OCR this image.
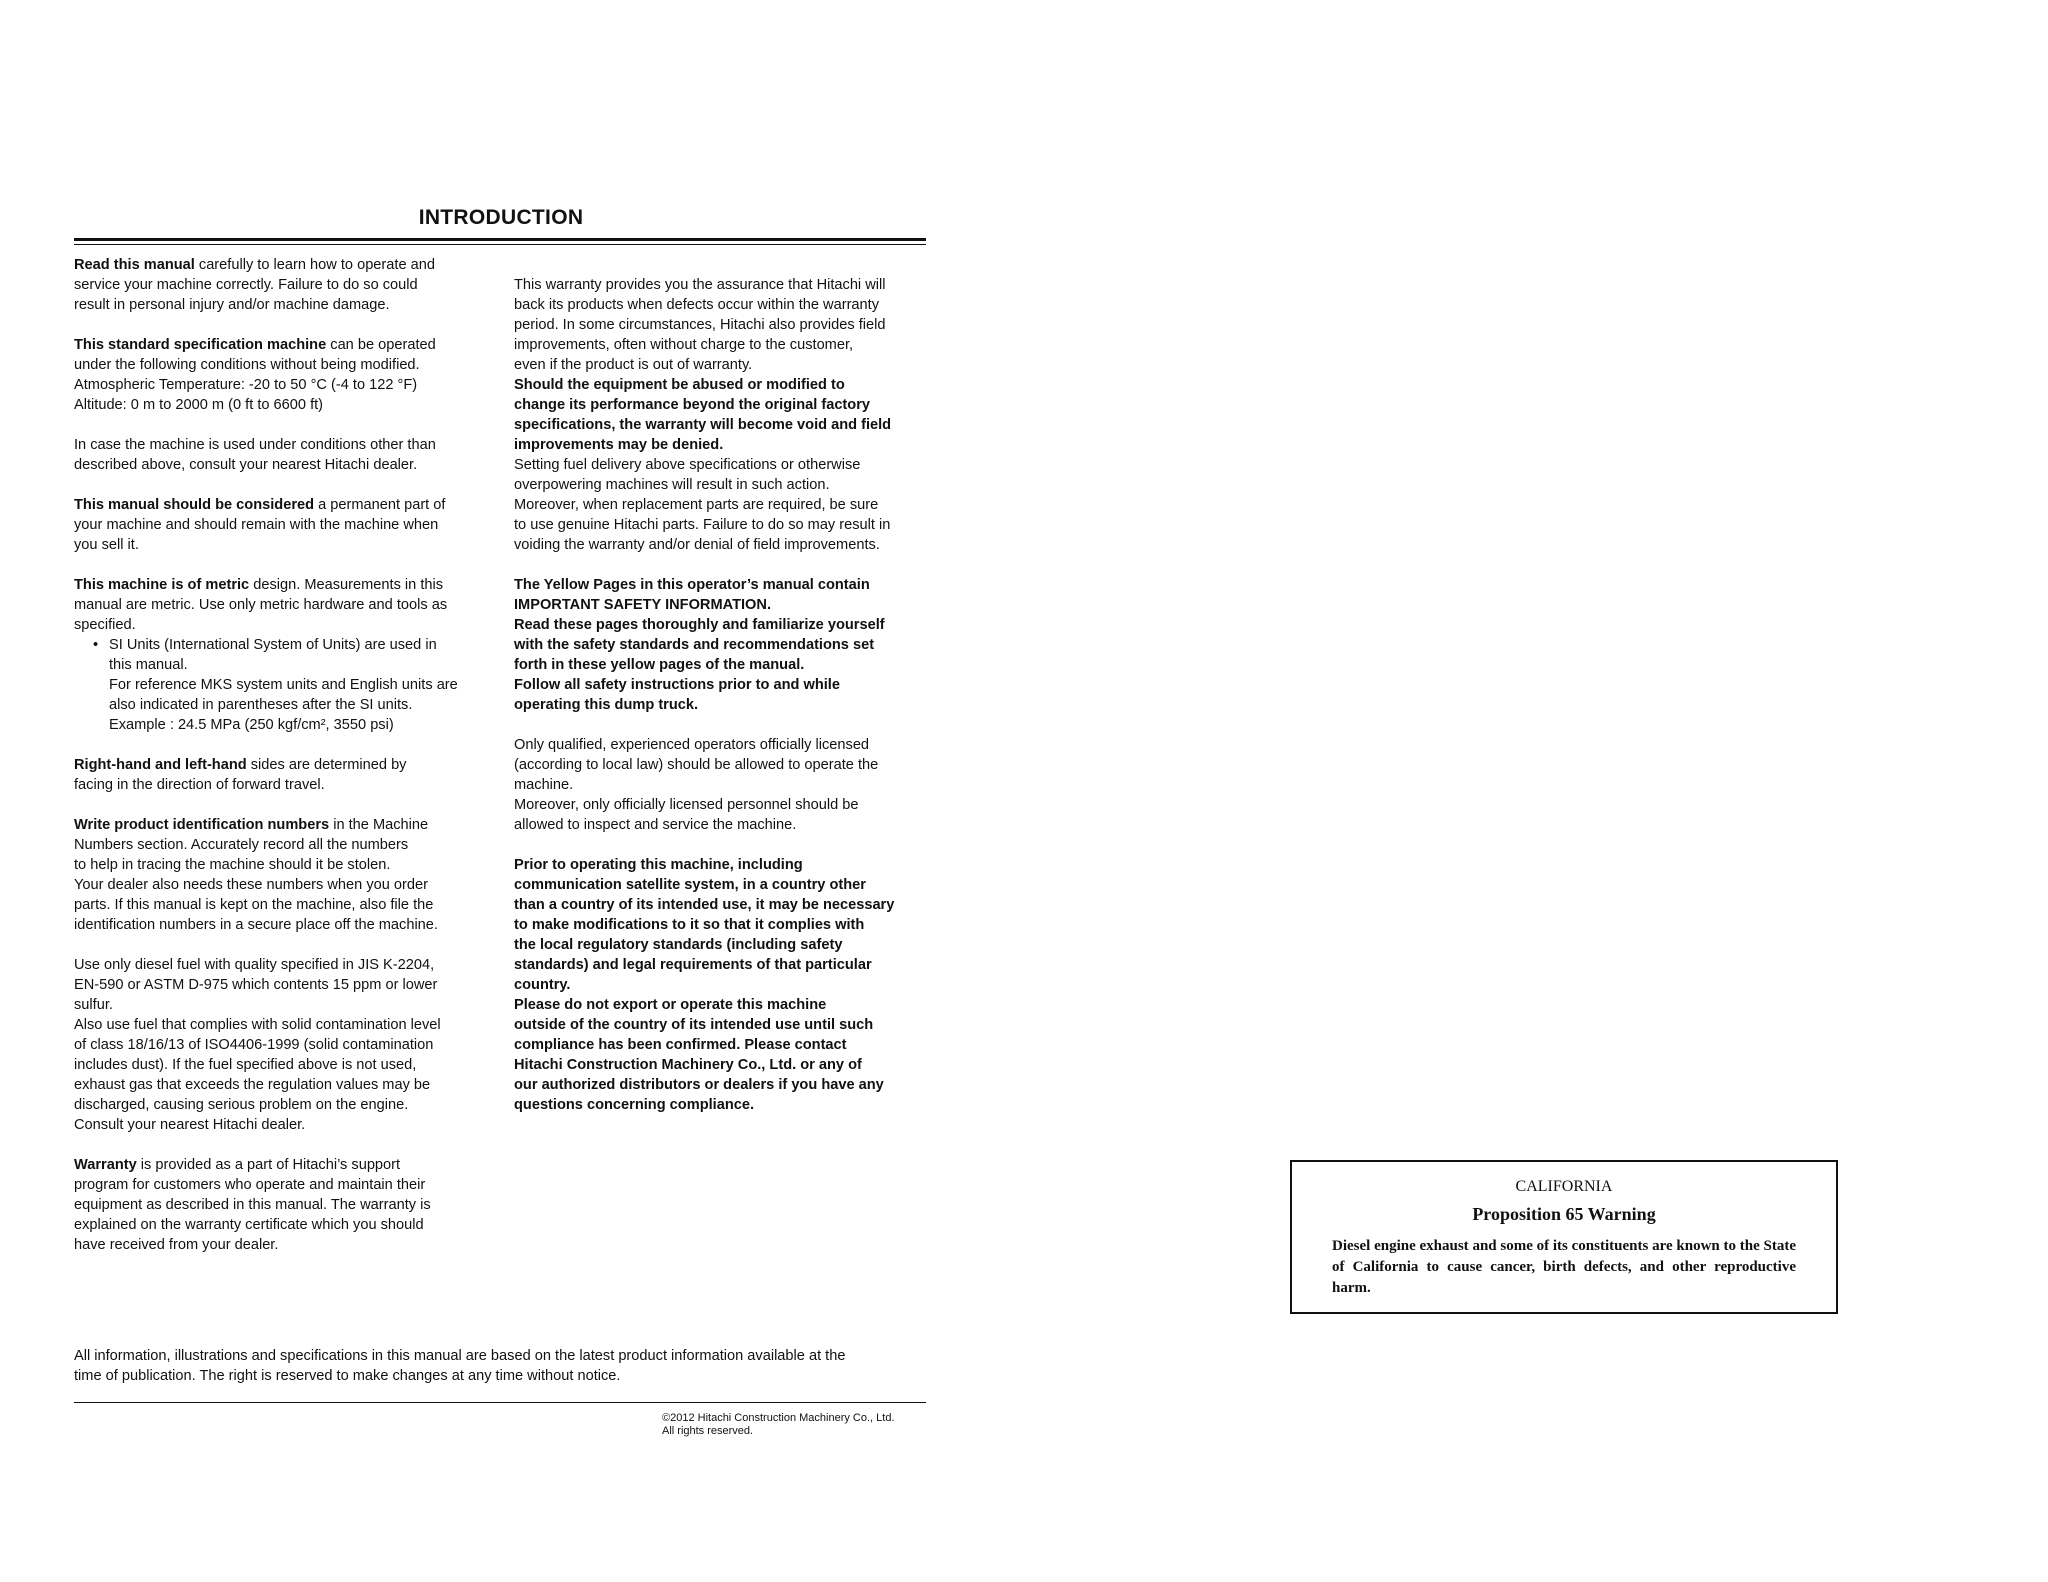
INTRODUCTION

Read this manual carefully to learn how to operate and
service your machine correctly. Failure to do so could
result in personal injury and/or machine damage.

This standard specification machine can be operated
under the following conditions without being modified.
Atmospheric Temperature: -20 to 50 °C (-4 to 122 °F)
Altitude: 0 m to 2000 m (0 ft to 6600 ft)

In case the machine is used under conditions other than
described above, consult your nearest Hitachi dealer.

This manual should be considered a permanent part of
your machine and should remain with the machine when
you sell it.

This machine is of metric design. Measurements in this
manual are metric. Use only metric hardware and tools as
specified.
• SI Units (International System of Units) are used in
this manual.
For reference MKS system units and English units are
also indicated in parentheses after the SI units.
Example : 24.5 MPa (250 kgf/cm², 3550 psi)

Right-hand and left-hand sides are determined by
facing in the direction of forward travel.

Write product identification numbers in the Machine
Numbers section. Accurately record all the numbers
to help in tracing the machine should it be stolen.
Your dealer also needs these numbers when you order
parts. If this manual is kept on the machine, also file the
identification numbers in a secure place off the machine.

Use only diesel fuel with quality specified in JIS K-2204,
EN-590 or ASTM D-975 which contents 15 ppm or lower
sulfur.
Also use fuel that complies with solid contamination level
of class 18/16/13 of ISO4406-1999 (solid contamination
includes dust). If the fuel specified above is not used,
exhaust gas that exceeds the regulation values may be
discharged, causing serious problem on the engine.
Consult your nearest Hitachi dealer.

Warranty is provided as a part of Hitachi’s support
program for customers who operate and maintain their
equipment as described in this manual. The warranty is
explained on the warranty certificate which you should
have received from your dealer.

This warranty provides you the assurance that Hitachi will
back its products when defects occur within the warranty
period. In some circumstances, Hitachi also provides field
improvements, often without charge to the customer,
even if the product is out of warranty.
Should the equipment be abused or modified to
change its performance beyond the original factory
specifications, the warranty will become void and field
improvements may be denied.
Setting fuel delivery above specifications or otherwise
overpowering machines will result in such action.
Moreover, when replacement parts are required, be sure
to use genuine Hitachi parts. Failure to do so may result in
voiding the warranty and/or denial of field improvements.

The Yellow Pages in this operator’s manual contain
IMPORTANT SAFETY INFORMATION.
Read these pages thoroughly and familiarize yourself
with the safety standards and recommendations set
forth in these yellow pages of the manual.
Follow all safety instructions prior to and while
operating this dump truck.

Only qualified, experienced operators officially licensed
(according to local law) should be allowed to operate the
machine.
Moreover, only officially licensed personnel should be
allowed to inspect and service the machine.

Prior to operating this machine, including
communication satellite system, in a country other
than a country of its intended use, it may be necessary
to make modifications to it so that it complies with
the local regulatory standards (including safety
standards) and legal requirements of that particular
country.
Please do not export or operate this machine
outside of the country of its intended use until such
compliance has been confirmed. Please contact
Hitachi Construction Machinery Co., Ltd. or any of
our authorized distributors or dealers if you have any
questions concerning compliance.

All information, illustrations and specifications in this manual are based on the latest product information available at the
time of publication. The right is reserved to make changes at any time without notice.
©2012 Hitachi Construction Machinery Co., Ltd.
All rights reserved.
CALIFORNIA
Proposition 65 Warning
Diesel engine exhaust and some of its constituents are known to the State of California to cause cancer, birth defects, and other reproductive harm.
